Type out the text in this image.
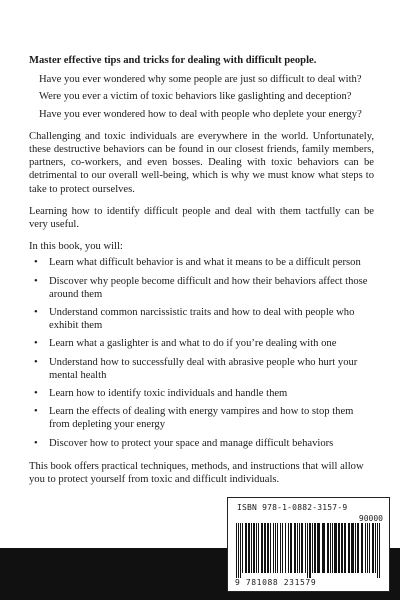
Master effective tips and tricks for dealing with difficult people.

Have you ever wondered why some people are just so difficult to deal with?

Were you ever a victim of toxic behaviors like gaslighting and deception?

Have you ever wondered how to deal with people who deplete your energy?

Challenging and toxic individuals are everywhere in the world. Unfortunately, these destructive behaviors can be found in our closest friends, family members, partners, co-workers, and even bosses. Dealing with toxic behaviors can be detrimental to our overall well-being, which is why we must know what steps to take to protect ourselves.

Learning how to identify difficult people and deal with them tactfully can be very useful.

In this book, you will:

• Learn what difficult behavior is and what it means to be a difficult person
• Discover why people become difficult and how their behaviors affect those around them
• Understand common narcissistic traits and how to deal with people who exhibit them
• Learn what a gaslighter is and what to do if you’re dealing with one
• Understand how to successfully deal with abrasive people who hurt your mental health
• Learn how to identify toxic individuals and handle them
• Learn the effects of dealing with energy vampires and how to stop them from depleting your energy
• Discover how to protect your space and manage difficult behaviors

This book offers practical techniques, methods, and instructions that will allow you to protect yourself from toxic and difficult individuals.

ISBN 978-1-0882-3157-9
90000
9 781088 231579
